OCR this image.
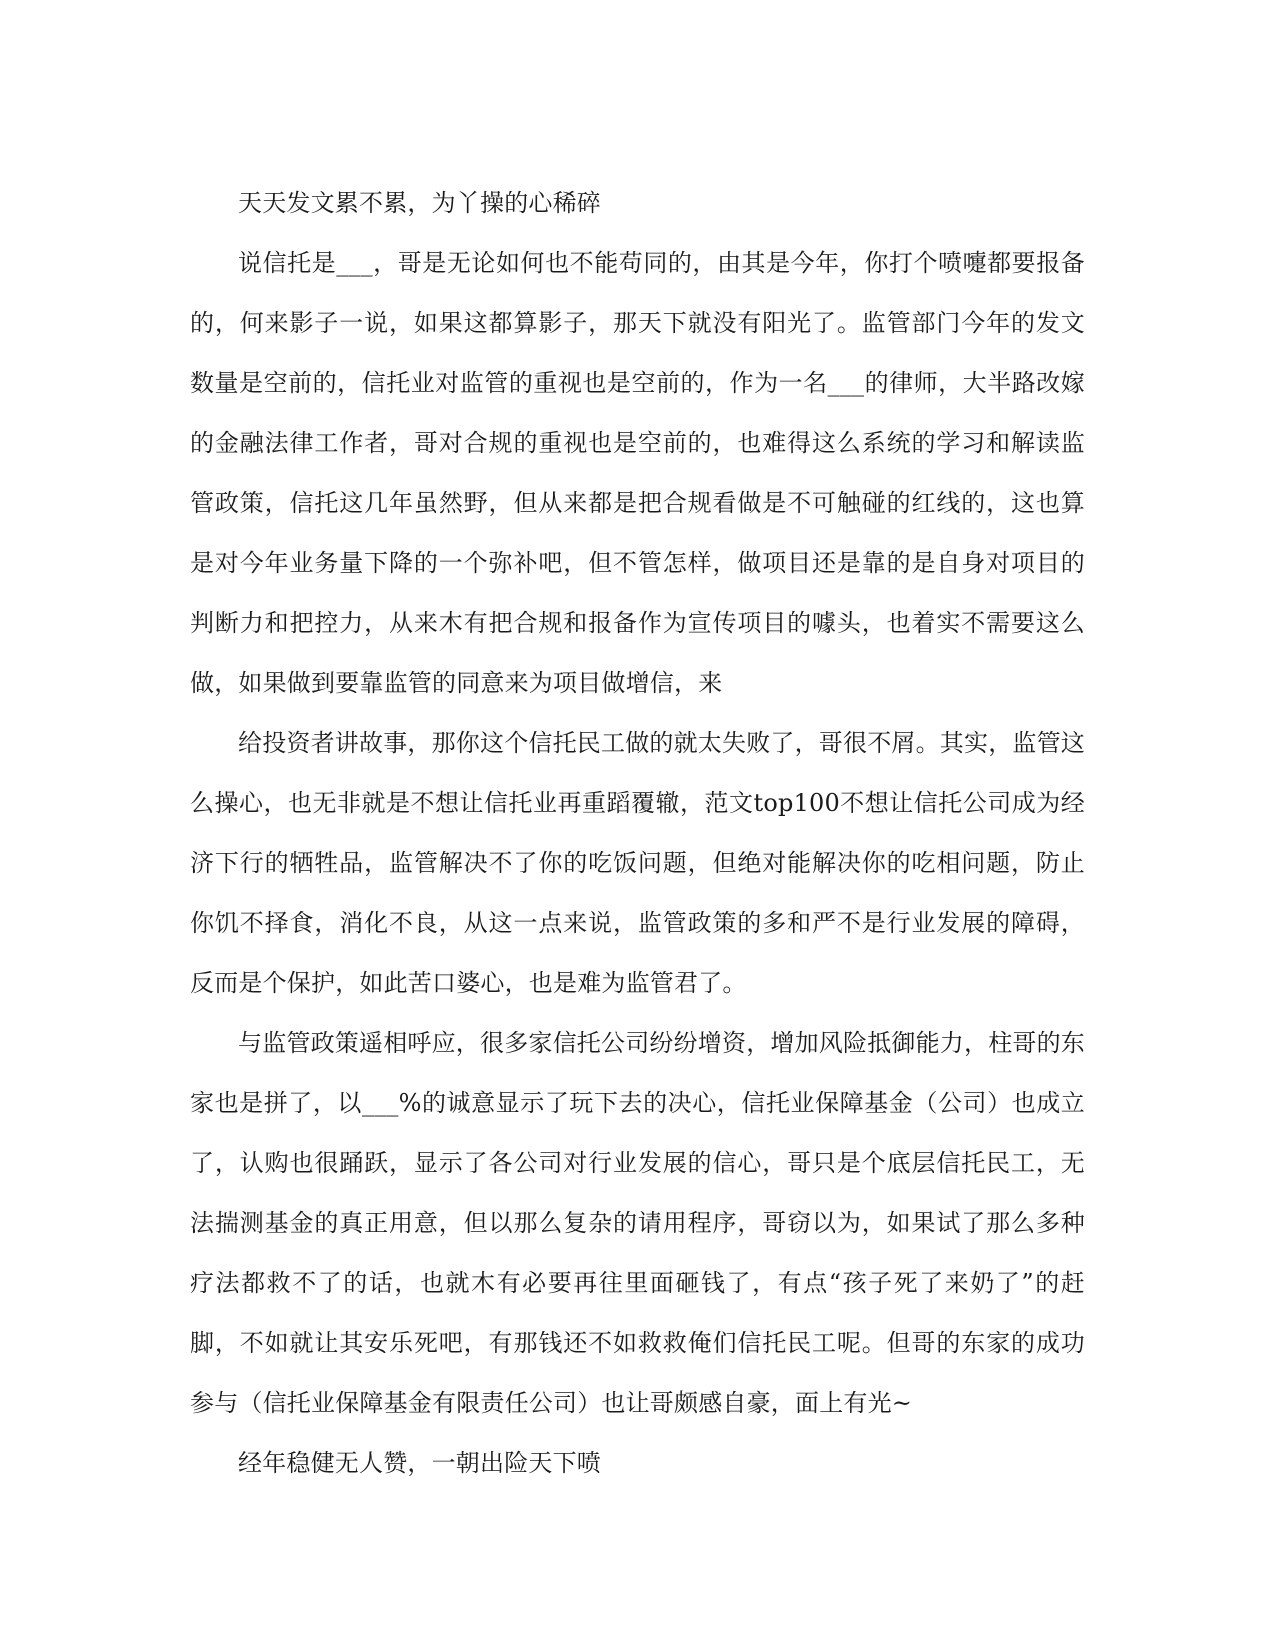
天天发文累不累，为丫操的心稀碎

说信托是___，哥是无论如何也不能苟同的，由其是今年，你打个喷嚏都要报备的，何来影子一说，如果这都算影子，那天下就没有阳光了。监管部门今年的发文数量是空前的，信托业对监管的重视也是空前的，作为一名___的律师，大半路改嫁的金融法律工作者，哥对合规的重视也是空前的，也难得这么系统的学习和解读监管政策，信托这几年虽然野，但从来都是把合规看做是不可触碰的红线的，这也算是对今年业务量下降的一个弥补吧，但不管怎样，做项目还是靠的是自身对项目的判断力和把控力，从来木有把合规和报备作为宣传项目的噱头，也着实不需要这么做，如果做到要靠监管的同意来为项目做增信，来

给投资者讲故事，那你这个信托民工做的就太失败了，哥很不屑。其实，监管这么操心，也无非就是不想让信托业再重蹈覆辙，范文top100不想让信托公司成为经济下行的牺牲品，监管解决不了你的吃饭问题，但绝对能解决你的吃相问题，防止你饥不择食，消化不良，从这一点来说，监管政策的多和严不是行业发展的障碍，反而是个保护，如此苦口婆心，也是难为监管君了。

与监管政策遥相呼应，很多家信托公司纷纷增资，增加风险抵御能力，柱哥的东家也是拼了，以___%的诚意显示了玩下去的决心，信托业保障基金（公司）也成立了，认购也很踊跃，显示了各公司对行业发展的信心，哥只是个底层信托民工，无法揣测基金的真正用意，但以那么复杂的请用程序，哥窃以为，如果试了那么多种疗法都救不了的话，也就木有必要再往里面砸钱了，有点“孩子死了来奶了”的赶脚，不如就让其安乐死吧，有那钱还不如救救俺们信托民工呢。但哥的东家的成功参与（信托业保障基金有限责任公司）也让哥颇感自豪，面上有光~

经年稳健无人赞，一朝出险天下喷
